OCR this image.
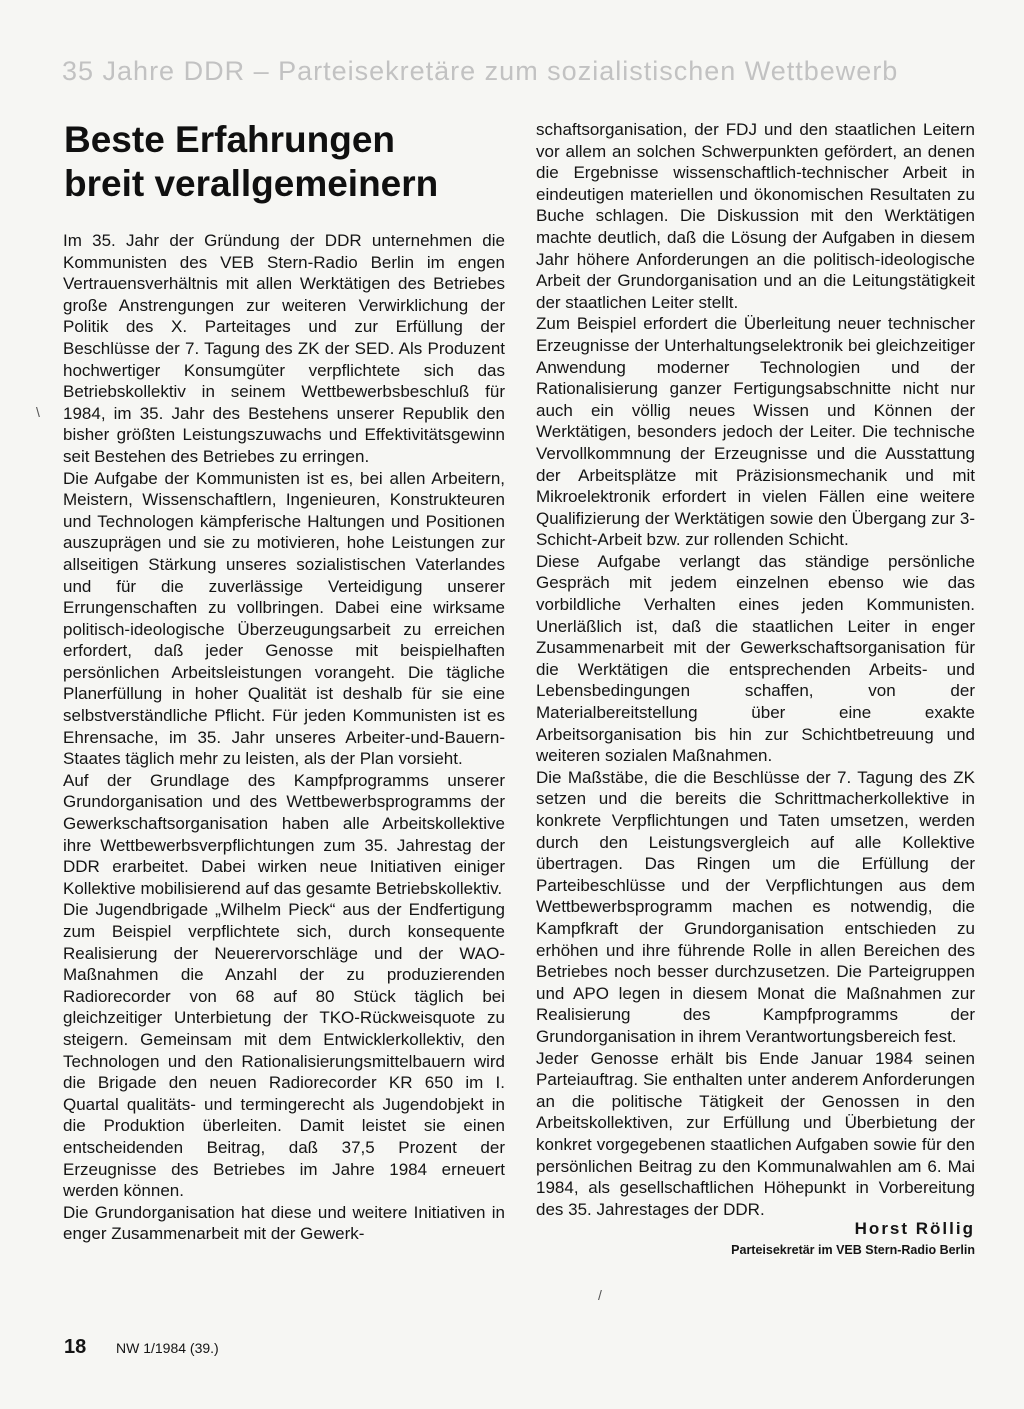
35 Jahre DDR – Parteisekretäre zum sozialistischen Wettbewerb
Beste Erfahrungen
breit verallgemeinern

Im 35. Jahr der Gründung der DDR unternehmen die Kommunisten des VEB Stern-Radio Berlin im engen Vertrauensverhältnis mit allen Werktätigen des Betriebes große Anstrengungen zur weiteren Verwirklichung der Politik des X. Parteitages und zur Erfüllung der Beschlüsse der 7. Tagung des ZK der SED. Als Produzent hochwertiger Konsumgüter verpflichtete sich das Betriebskollektiv in seinem Wettbewerbsbeschluß für 1984, im 35. Jahr des Bestehens unserer Republik den bisher größten Leistungszuwachs und Effektivitätsgewinn seit Bestehen des Betriebes zu erringen.

Die Aufgabe der Kommunisten ist es, bei allen Arbeitern, Meistern, Wissenschaftlern, Ingenieuren, Konstrukteuren und Technologen kämpferische Haltungen und Positionen auszuprägen und sie zu motivieren, hohe Leistungen zur allseitigen Stärkung unseres sozialistischen Vaterlandes und für die zuverlässige Verteidigung unserer Errungenschaften zu vollbringen. Dabei eine wirksame politisch-ideologische Überzeugungsarbeit zu erreichen erfordert, daß jeder Genosse mit beispielhaften persönlichen Arbeitsleistungen vorangeht. Die tägliche Planerfüllung in hoher Qualität ist deshalb für sie eine selbstverständliche Pflicht. Für jeden Kommunisten ist es Ehrensache, im 35. Jahr unseres Arbeiter-und-Bauern-Staates täglich mehr zu leisten, als der Plan vorsieht.

Auf der Grundlage des Kampfprogramms unserer Grundorganisation und des Wettbewerbsprogramms der Gewerkschaftsorganisation haben alle Arbeitskollektive ihre Wettbewerbsverpflichtungen zum 35. Jahrestag der DDR erarbeitet. Dabei wirken neue Initiativen einiger Kollektive mobilisierend auf das gesamte Betriebskollektiv.

Die Jugendbrigade „Wilhelm Pieck“ aus der Endfertigung zum Beispiel verpflichtete sich, durch konsequente Realisierung der Neuerervorschläge und der WAO-Maßnahmen die Anzahl der zu produzierenden Radiorecorder von 68 auf 80 Stück täglich bei gleichzeitiger Unterbietung der TKO-Rückweisquote zu steigern. Gemeinsam mit dem Entwicklerkollektiv, den Technologen und den Rationalisierungsmittelbauern wird die Brigade den neuen Radiorecorder KR 650 im I. Quartal qualitäts- und termingerecht als Jugendobjekt in die Produktion überleiten. Damit leistet sie einen entscheidenden Beitrag, daß 37,5 Prozent der Erzeugnisse des Betriebes im Jahre 1984 erneuert werden können.

Die Grundorganisation hat diese und weitere Initiativen in enger Zusammenarbeit mit der Gewerk-

schaftsorganisation, der FDJ und den staatlichen Leitern vor allem an solchen Schwerpunkten gefördert, an denen die Ergebnisse wissenschaftlich-technischer Arbeit in eindeutigen materiellen und ökonomischen Resultaten zu Buche schlagen. Die Diskussion mit den Werktätigen machte deutlich, daß die Lösung der Aufgaben in diesem Jahr höhere Anforderungen an die politisch-ideologische Arbeit der Grundorganisation und an die Leitungstätigkeit der staatlichen Leiter stellt.

Zum Beispiel erfordert die Überleitung neuer technischer Erzeugnisse der Unterhaltungselektronik bei gleichzeitiger Anwendung moderner Technologien und der Rationalisierung ganzer Fertigungsabschnitte nicht nur auch ein völlig neues Wissen und Können der Werktätigen, besonders jedoch der Leiter. Die technische Vervollkommnung der Erzeugnisse und die Ausstattung der Arbeitsplätze mit Präzisionsmechanik und mit Mikroelektronik erfordert in vielen Fällen eine weitere Qualifizierung der Werktätigen sowie den Übergang zur 3-Schicht-Arbeit bzw. zur rollenden Schicht.

Diese Aufgabe verlangt das ständige persönliche Gespräch mit jedem einzelnen ebenso wie das vorbildliche Verhalten eines jeden Kommunisten. Unerläßlich ist, daß die staatlichen Leiter in enger Zusammenarbeit mit der Gewerkschaftsorganisation für die Werktätigen die entsprechenden Arbeits- und Lebensbedingungen schaffen, von der Materialbereitstellung über eine exakte Arbeitsorganisation bis hin zur Schichtbetreuung und weiteren sozialen Maßnahmen.

Die Maßstäbe, die die Beschlüsse der 7. Tagung des ZK setzen und die bereits die Schrittmacherkollektive in konkrete Verpflichtungen und Taten umsetzen, werden durch den Leistungsvergleich auf alle Kollektive übertragen. Das Ringen um die Erfüllung der Parteibeschlüsse und der Verpflichtungen aus dem Wettbewerbsprogramm machen es notwendig, die Kampfkraft der Grundorganisation entschieden zu erhöhen und ihre führende Rolle in allen Bereichen des Betriebes noch besser durchzusetzen. Die Parteigruppen und APO legen in diesem Monat die Maßnahmen zur Realisierung des Kampfprogramms der Grundorganisation in ihrem Verantwortungsbereich fest.

Jeder Genosse erhält bis Ende Januar 1984 seinen Parteiauftrag. Sie enthalten unter anderem Anforderungen an die politische Tätigkeit der Genossen in den Arbeitskollektiven, zur Erfüllung und Überbietung der konkret vorgegebenen staatlichen Aufgaben sowie für den persönlichen Beitrag zu den Kommunalwahlen am 6. Mai 1984, als gesellschaftlichen Höhepunkt in Vorbereitung des 35. Jahrestages der DDR.

Horst Röllig
Parteisekretär im VEB Stern-Radio Berlin
\
/
18 NW 1/1984 (39.)
